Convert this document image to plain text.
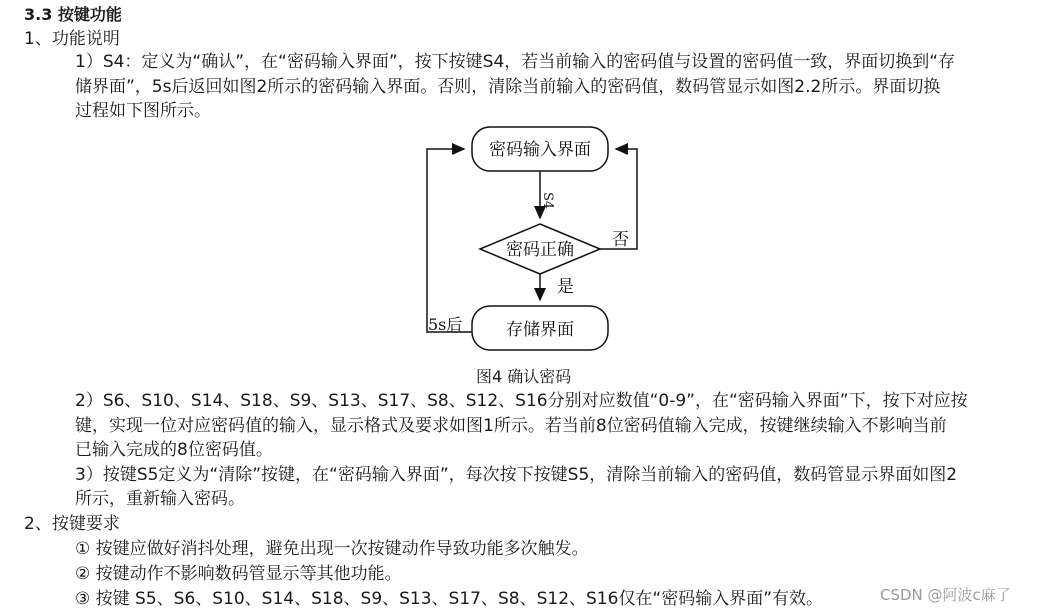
3.3 按键功能
1、功能说明
1）S4：定义为“确认”，在“密码输入界面”，按下按键S4，若当前输入的密码值与设置的密码值一致，界面切换到“存
储界面”，5s后返回如图2所示的密码输入界面。否则，清除当前输入的密码值，数码管显示如图2.2所示。界面切换
过程如下图所示。
密码输入界面
S4
密码正确 否
是
存储界面
5s后
图4 确认密码
2）S6、S10、S14、S18、S9、S13、S17、S8、S12、S16分别对应数值“0-9”，在“密码输入界面”下，按下对应按
键，实现一位对应密码值的输入，显示格式及要求如图1所示。若当前8位密码值输入完成，按键继续输入不影响当前
已输入完成的8位密码值。
3）按键S5定义为“清除”按键，在“密码输入界面”，每次按下按键S5，清除当前输入的密码值，数码管显示界面如图2
所示，重新输入密码。
2、按键要求
① 按键应做好消抖处理，避免出现一次按键动作导致功能多次触发。
② 按键动作不影响数码管显示等其他功能。
③ 按键 S5、S6、S10、S14、S18、S9、S13、S17、S8、S12、S16仅在“密码输入界面”有效。	CSDN @阿波c麻了
